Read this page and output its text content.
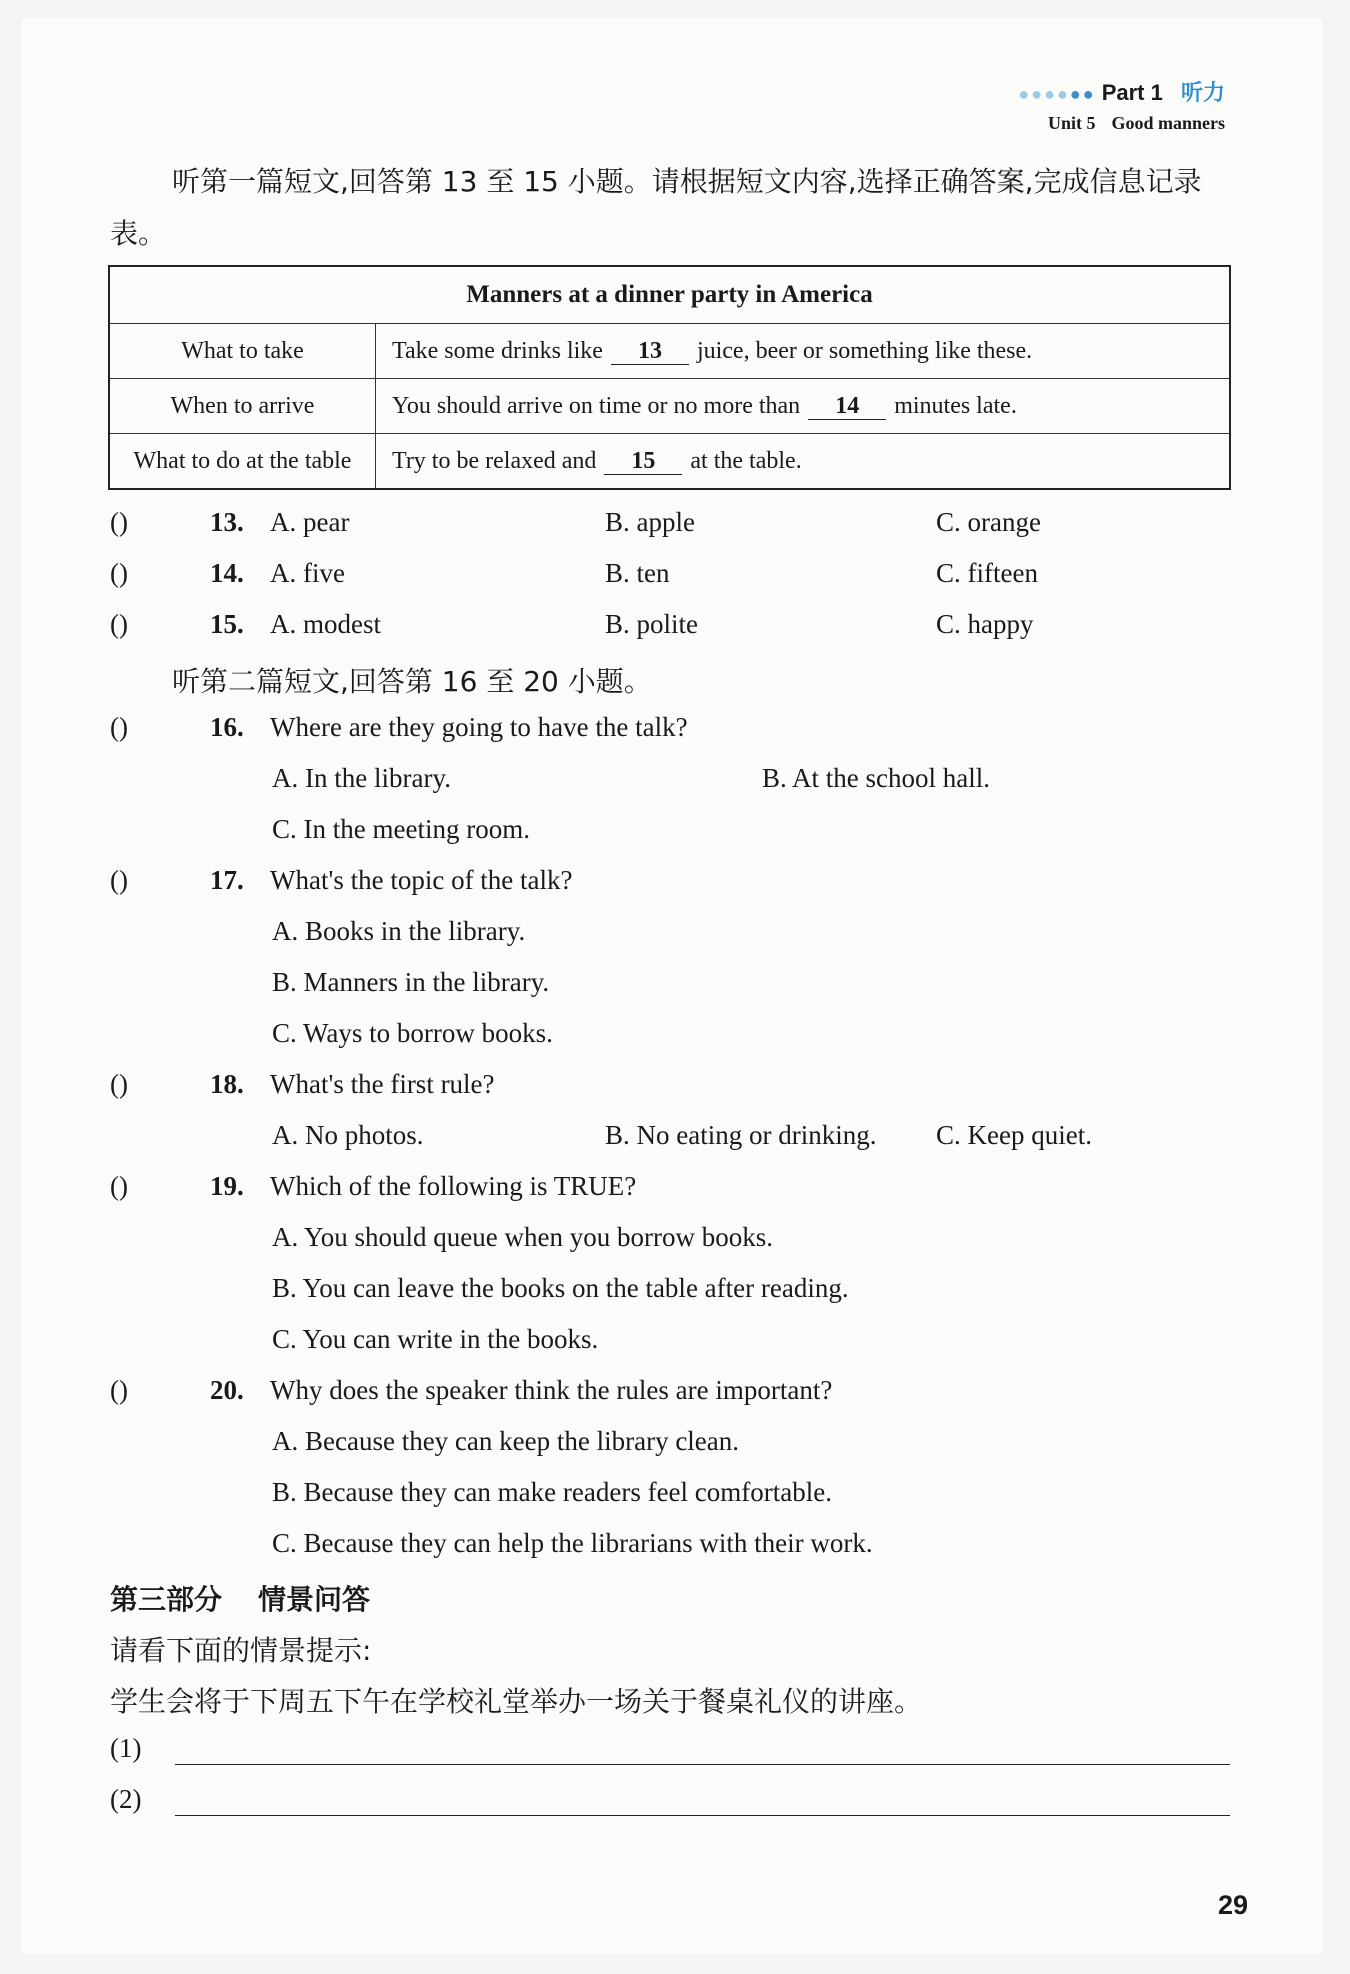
●●●●●● Part 1 听力
Unit 5 Good manners
听第一篇短文,回答第 13 至 15 小题。请根据短文内容,选择正确答案,完成信息记录表。
Manners at a dinner party in America	
What to take	Take some drinks like 13 juice, beer or something like these.
When to arrive	You should arrive on time or no more than 14 minutes late.
What to do at the table	Try to be relaxed and 15 at the table.
()	13. A. pear	B. apple	C. orange
()	14. A. five	B. ten	C. fifteen
()	15. A. modest	B. polite	C. happy
听第二篇短文,回答第 16 至 20 小题。
()	16. Where are they going to have the talk?
A. In the library.	B. At the school hall.
C. In the meeting room.
()	17. What's the topic of the talk?
A. Books in the library.
B. Manners in the library.
C. Ways to borrow books.
()	18. What's the first rule?
A. No photos.	B. No eating or drinking. C. Keep quiet.
()	19. Which of the following is TRUE?
A. You should queue when you borrow books.
B. You can leave the books on the table after reading.
C. You can write in the books.
()	20. Why does the speaker think the rules are important?
A. Because they can keep the library clean.
B. Because they can make readers feel comfortable.
C. Because they can help the librarians with their work.
第三部分 情景问答
请看下面的情景提示:
学生会将于下周五下午在学校礼堂举办一场关于餐桌礼仪的讲座。
(1)
(2)
29
